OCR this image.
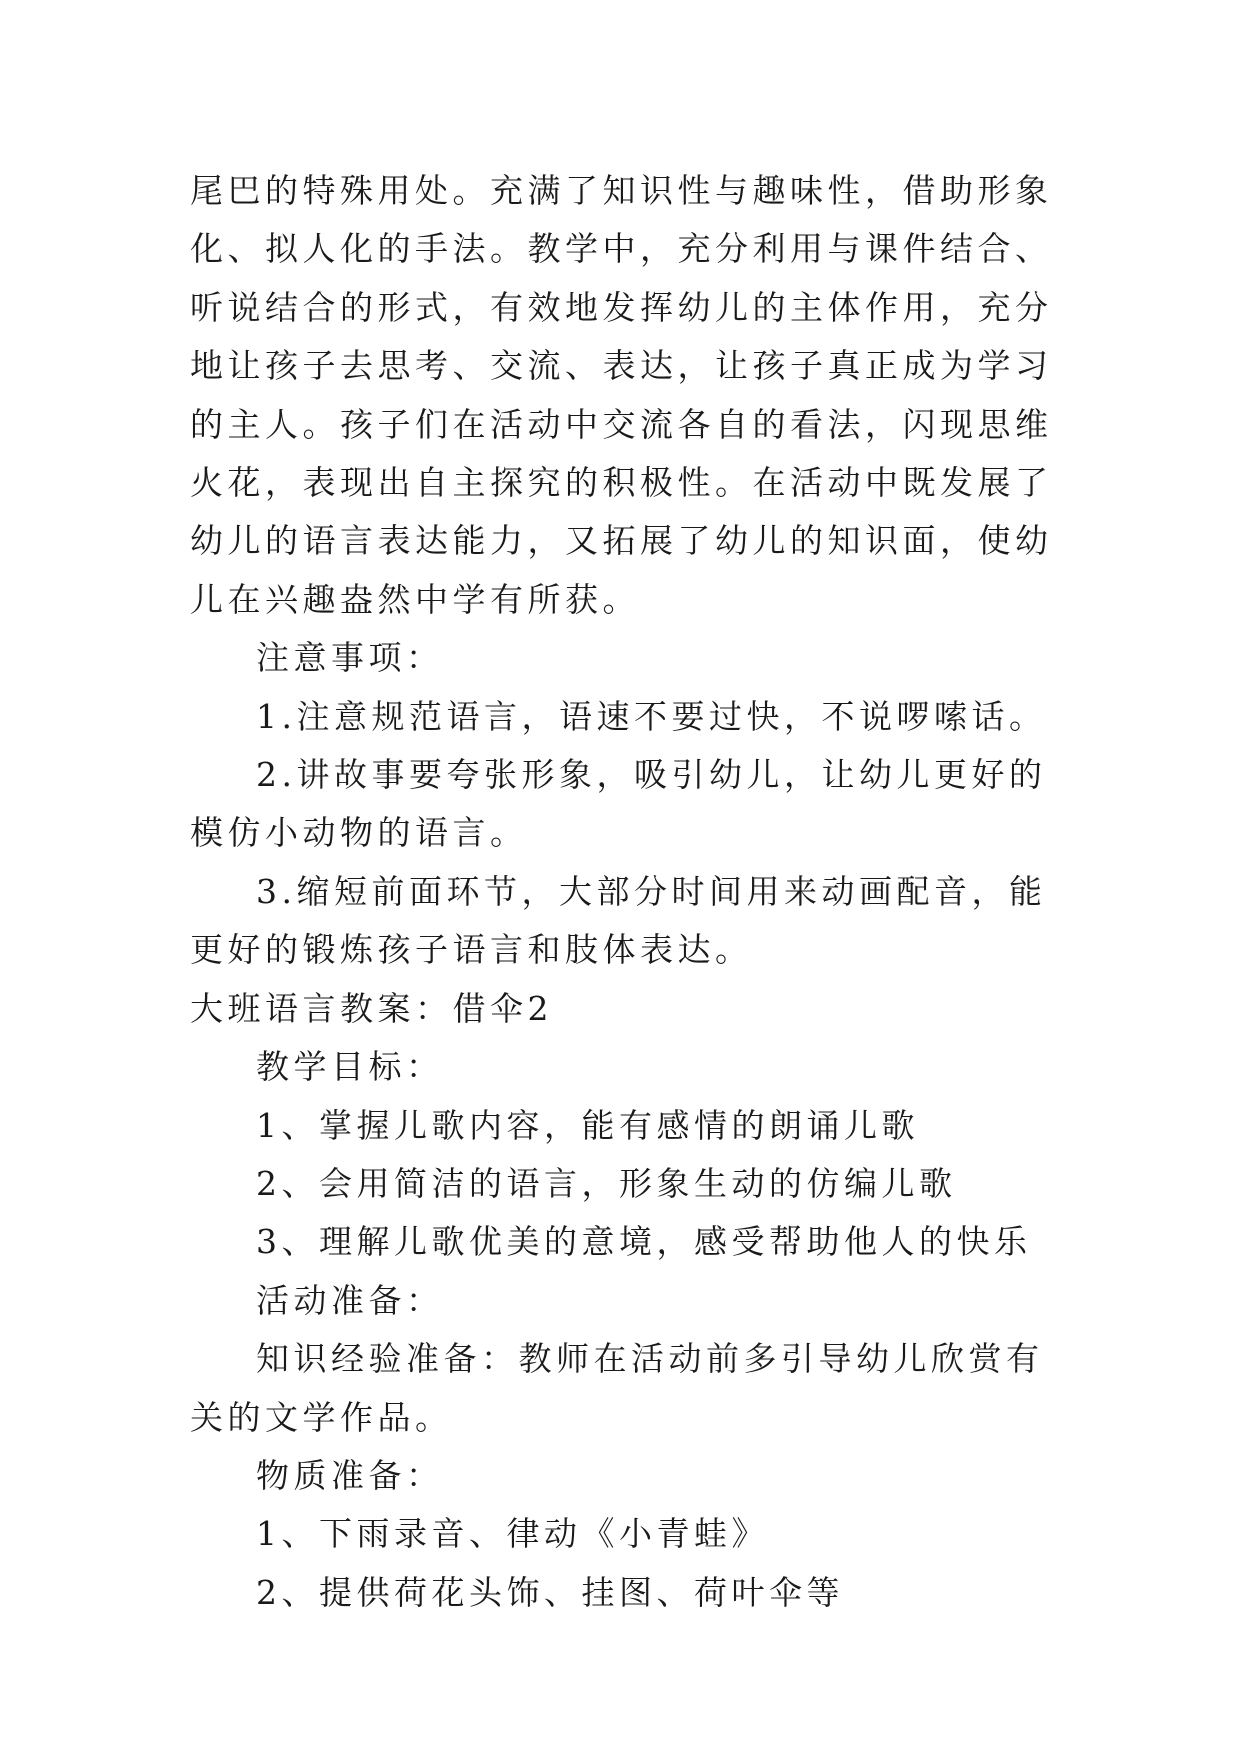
尾巴的特殊用处。充满了知识性与趣味性，借助形象化、拟人化的手法。教学中，充分利用与课件结合、听说结合的形式，有效地发挥幼儿的主体作用，充分地让孩子去思考、交流、表达，让孩子真正成为学习的主人。孩子们在活动中交流各自的看法，闪现思维火花，表现出自主探究的积极性。在活动中既发展了幼儿的语言表达能力，又拓展了幼儿的知识面，使幼儿在兴趣盎然中学有所获。

注意事项：

1.注意规范语言，语速不要过快，不说啰嗦话。

2.讲故事要夸张形象，吸引幼儿，让幼儿更好的模仿小动物的语言。

3.缩短前面环节，大部分时间用来动画配音，能更好的锻炼孩子语言和肢体表达。

大班语言教案：借伞2

教学目标：

1、掌握儿歌内容，能有感情的朗诵儿歌

2、会用简洁的语言，形象生动的仿编儿歌

3、理解儿歌优美的意境，感受帮助他人的快乐

活动准备：

知识经验准备：教师在活动前多引导幼儿欣赏有关的文学作品。

物质准备：

1、下雨录音、律动《小青蛙》

2、提供荷花头饰、挂图、荷叶伞等
